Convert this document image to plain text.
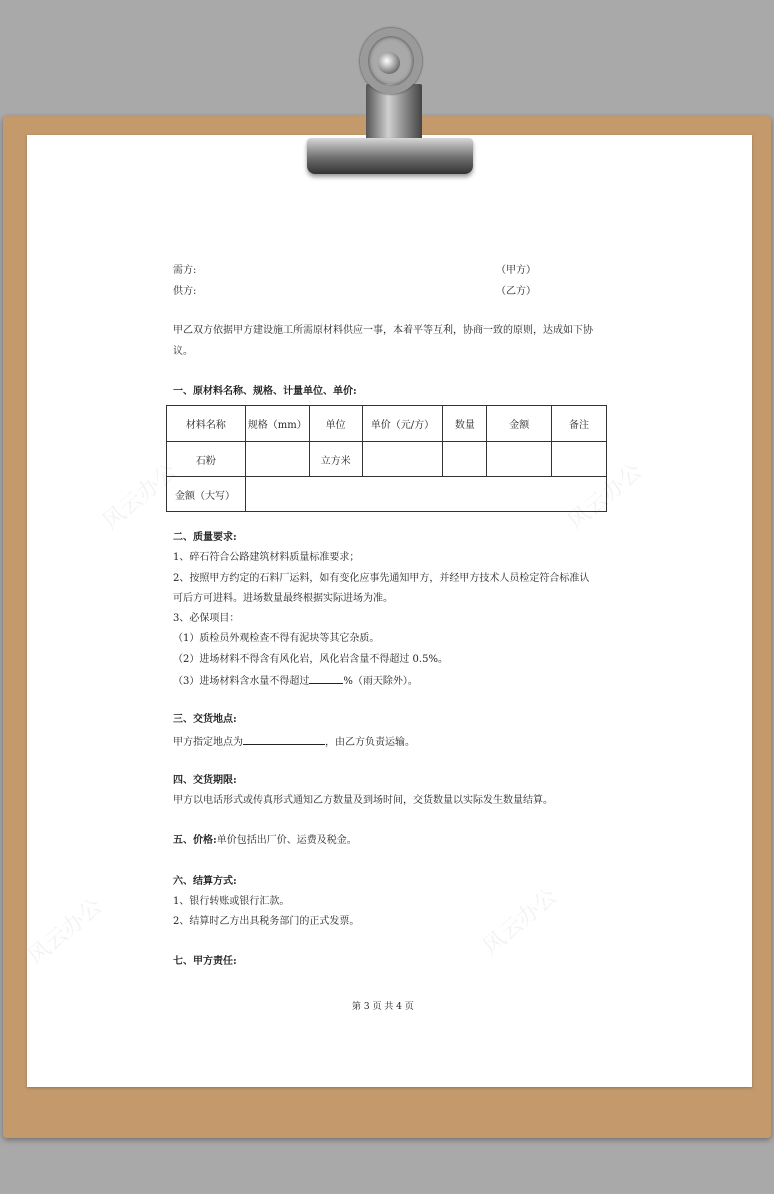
风云办公	风云办公
风云办公	风云办公
需方:	（甲方）
供方:	（乙方）
甲乙双方依据甲方建设施工所需原材料供应一事，本着平等互利，协商一致的原则，达成如下协
议。
一、原材料名称、规格、计量单位、单价:
材料名称	规格（mm）	单位	单价（元/方）	数量	金额	备注
石粉		立方米				
金额（大写）						
二、质量要求:
1、碎石符合公路建筑材料质量标准要求；
2、按照甲方约定的石料厂运料，如有变化应事先通知甲方，并经甲方技术人员检定符合标准认
可后方可进料。进场数量最终根据实际进场为准。
3、必保项目：
（1）质检员外观检查不得有泥块等其它杂质。
（2）进场材料不得含有风化岩，风化岩含量不得超过 0.5%。
（3）进场材料含水量不得超过	%（雨天除外）。
三、交货地点:
甲方指定地点为	，由乙方负责运输。
四、交货期限:
甲方以电话形式或传真形式通知乙方数量及到场时间，交货数量以实际发生数量结算。
五、价格:单价包括出厂价、运费及税金。
六、结算方式:
1、银行转账或银行汇款。
2、结算时乙方出具税务部门的正式发票。
七、甲方责任:
第 3 页 共 4 页
